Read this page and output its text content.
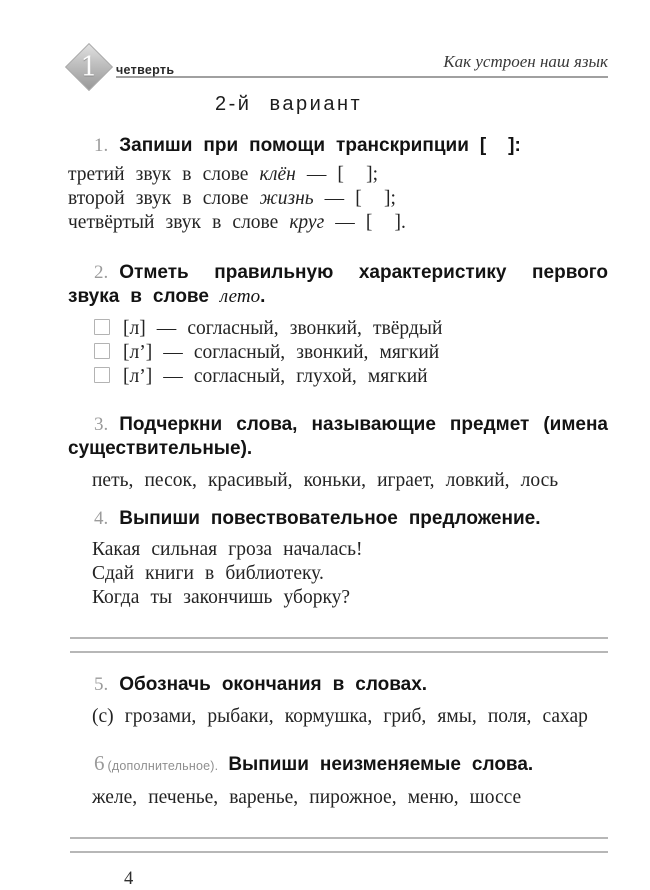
1	четверть	Как устроен наш язык
2-й вариант

1. Запиши при помощи транскрипции [  ]:

третий звук в слове клён — [  ];

второй звук в слове жизнь — [  ];

четвёртый звук в слове круг — [  ].

2. Отметь правильную характеристику первого звука в слове лето.

[л] — согласный, звонкий, твёрдый

[л’] — согласный, звонкий, мягкий

[л’] — согласный, глухой, мягкий

3. Подчеркни слова, называющие предмет (имена существительные).

петь, песок, красивый, коньки, играет, ловкий, лось

4. Выпиши повествовательное предложение.

Какая сильная гроза началась!

Сдай книги в библиотеку.

Когда ты закончишь уборку?

5. Обозначь окончания в словах.

(с) грозами, рыбаки, кормушка, гриб, ямы, поля, сахар

6 (дополнительное). Выпиши неизменяемые слова.

желе, печенье, варенье, пирожное, меню, шоссе

4
